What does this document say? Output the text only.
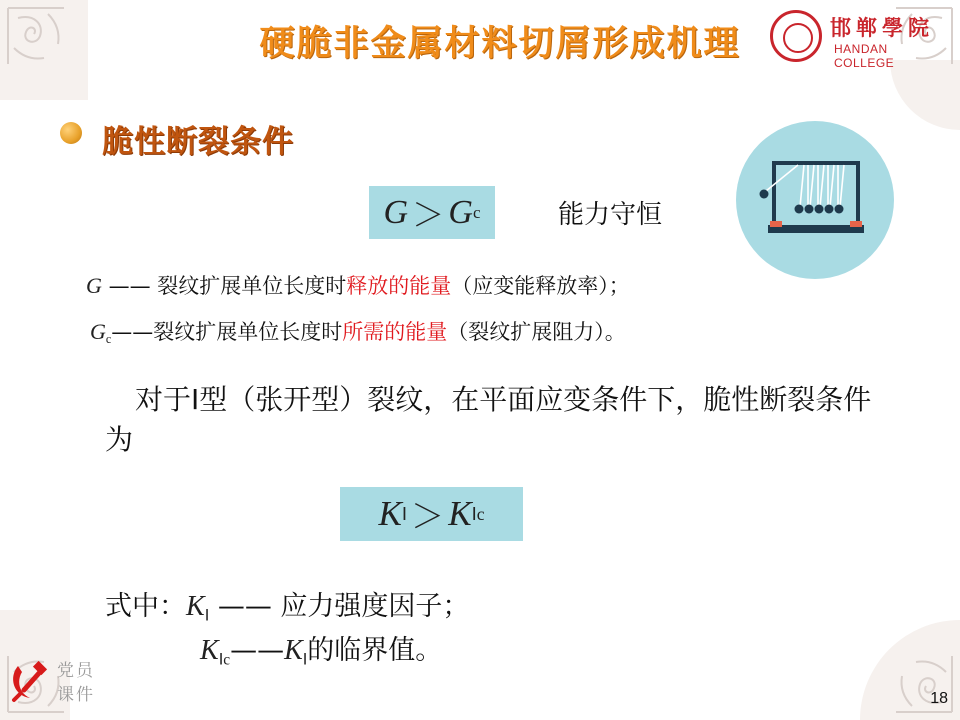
硬脆非金属材料切屑形成机理	邯郸學院
HANDAN COLLEGE
脆性断裂条件
G ＞ G c	能力守恒
G —— 裂纹扩展单位长度时释放的能量（应变能释放率）；
$G_c——$裂纹扩展单位长度时所需的能量（裂纹扩展阻力）。
对于Ⅰ型（张开型）裂纹，在平面应变条件下，脆性断裂条件为
K Ⅰ ＞ K Ⅰc
式中：$K_Ⅰ$ —— 应力强度因子；
$K_{Ⅰc}——K_Ⅰ$的临界值。
党员
课件	18
